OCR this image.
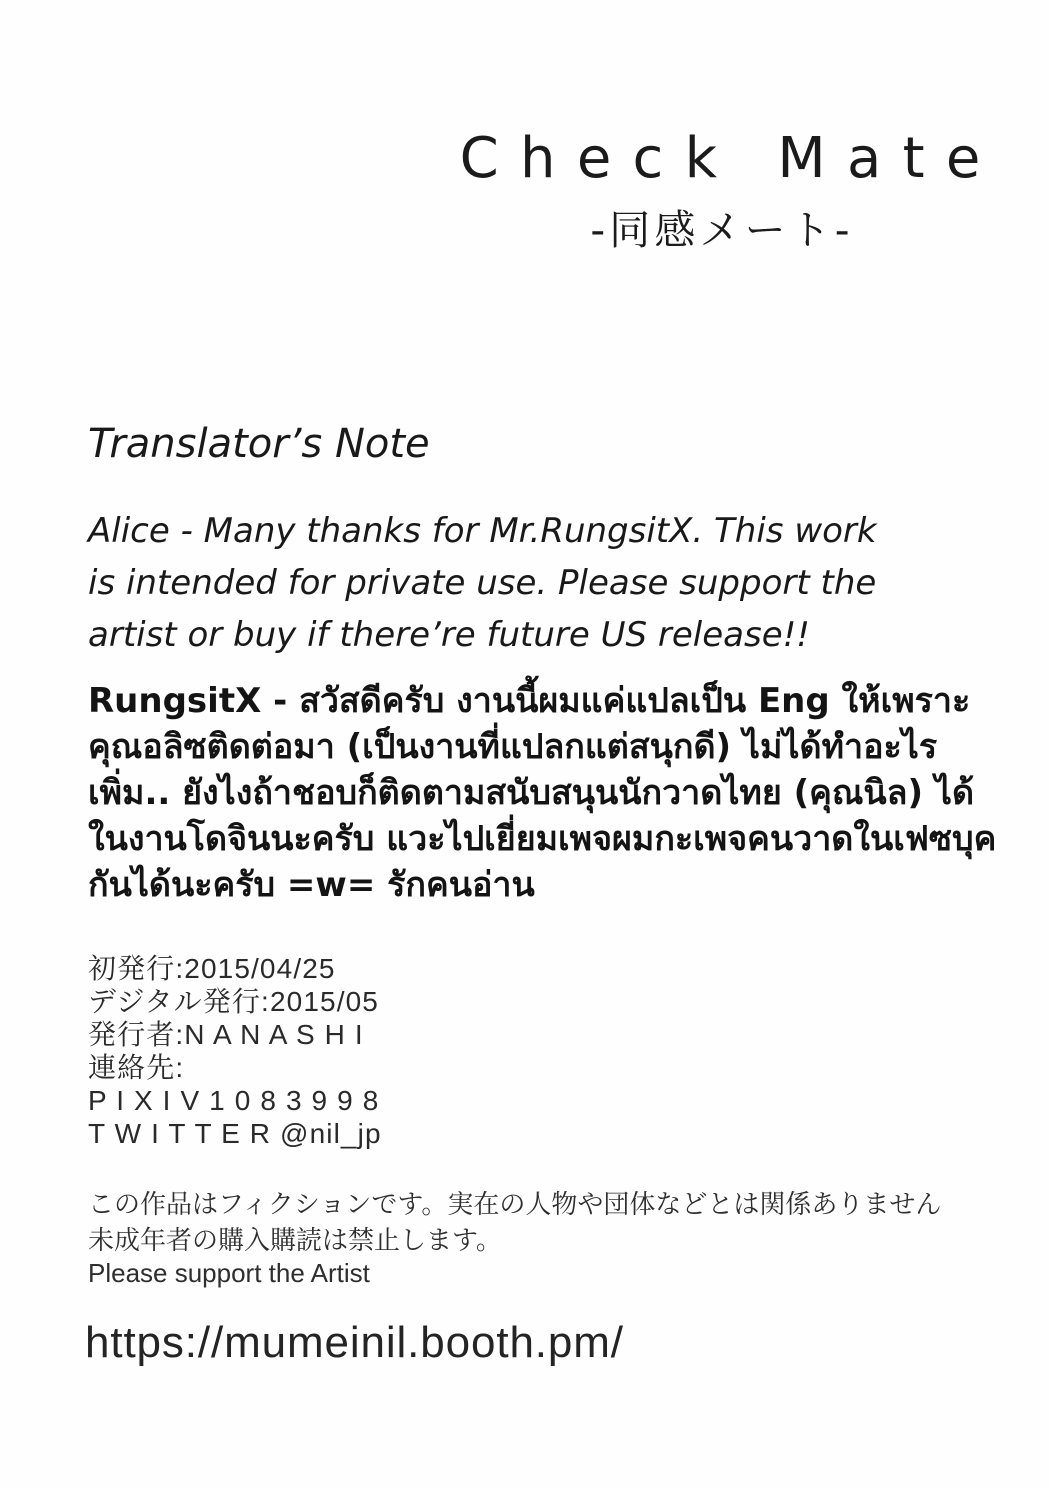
Check Mate
-同感メート-
Translator’s Note
Alice - Many thanks for Mr.RungsitX. This work
is intended for private use. Please support the
artist or buy if there’re future US release!!
RungsitX - สวัสดีครับ งานนี้ผมแค่แปลเป็น Eng ให้เพราะ
คุณอลิซติดต่อมา (เป็นงานที่แปลกแต่สนุกดี) ไม่ได้ทำอะไร
เพิ่ม.. ยังไงถ้าชอบก็ติดตามสนับสนุนนักวาดไทย (คุณนิล) ได้
ในงานโดจินนะครับ แวะไปเยี่ยมเพจผมกะเพจคนวาดในเฟซบุค
กันได้นะครับ =w= รักคนอ่าน
初発行:2015/04/25
デジタル発行:2015/05
発行者:N A N A S H I
連絡先:
P I X I V 1 0 8 3 9 9 8
T W I T T E R @nil_jp
この作品はフィクションです。実在の人物や団体などとは関係ありません
未成年者の購入購読は禁止します。
Please support the Artist
https://mumeinil.booth.pm/
